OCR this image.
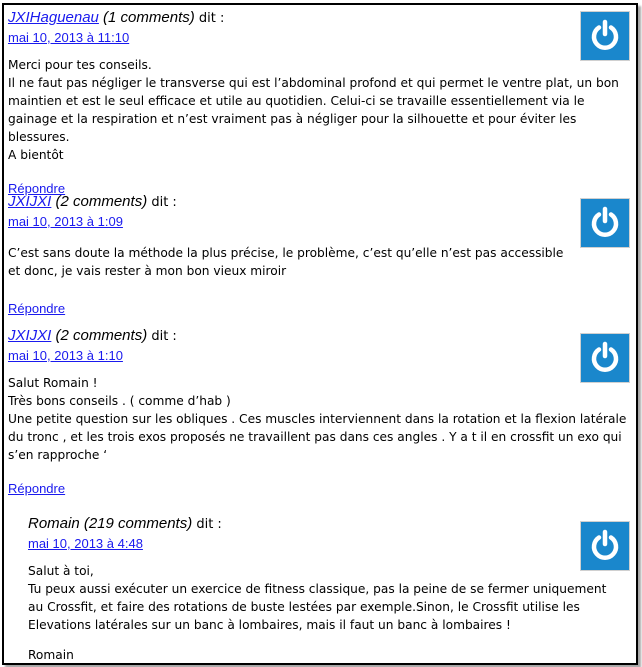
JXIHaguenau (1 comments) dit :
mai 10, 2013 à 11:10

Merci pour tes conseils.

Il ne faut pas négliger le transverse qui est l’abdominal profond et qui permet le ventre plat, un bon maintien et est le seul efficace et utile au quotidien. Celui-ci se travaille essentiellement via le gainage et la respiration et n’est vraiment pas à négliger pour la silhouette et pour éviter les blessures.

A bientôt

Répondre
JXIJXI (2 comments) dit :
mai 10, 2013 à 1:09

C’est sans doute la méthode la plus précise, le problème, c’est qu’elle n’est pas accessible et donc, je vais rester à mon bon vieux miroir

Répondre
JXIJXI (2 comments) dit :
mai 10, 2013 à 1:10

Salut Romain !

Très bons conseils . ( comme d’hab )

Une petite question sur les obliques . Ces muscles interviennent dans la rotation et la flexion latérale du tronc , et les trois exos proposés ne travaillent pas dans ces angles . Y a t il en crossfit un exo qui s’en rapproche ‘

Répondre
Romain (219 comments) dit :
mai 10, 2013 à 4:48

Salut à toi,

Tu peux aussi exécuter un exercice de fitness classique, pas la peine de se fermer uniquement au Crossfit, et faire des rotations de buste lestées par exemple.Sinon, le Crossfit utilise les Elevations latérales sur un banc à lombaires, mais il faut un banc à lombaires !

Romain
